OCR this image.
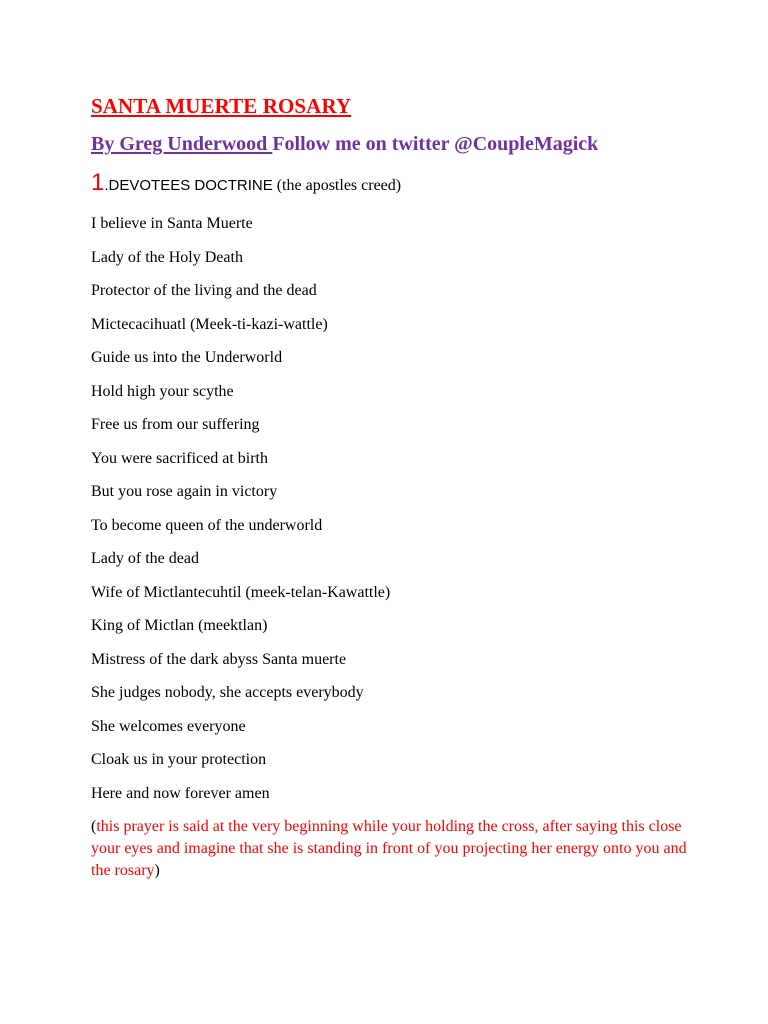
SANTA MUERTE ROSARY

By Greg Underwood Follow me on twitter @CoupleMagick

1.DEVOTEES DOCTRINE (the apostles creed)

I believe in Santa Muerte
Lady of the Holy Death
Protector of the living and the dead
Mictecacihuatl (Meek-ti-kazi-wattle)
Guide us into the Underworld
Hold high your scythe
Free us from our suffering
You were sacrificed at birth
But you rose again in victory
To become queen of the underworld
Lady of the dead
Wife of Mictlantecuhtil (meek-telan-Kawattle)
King of Mictlan (meektlan)
Mistress of the dark abyss Santa muerte
She judges nobody, she accepts everybody
She welcomes everyone
Cloak us in your protection
Here and now forever amen

(this prayer is said at the very beginning while your holding the cross, after saying this close your eyes and imagine that she is standing in front of you projecting her energy onto you and the rosary)
